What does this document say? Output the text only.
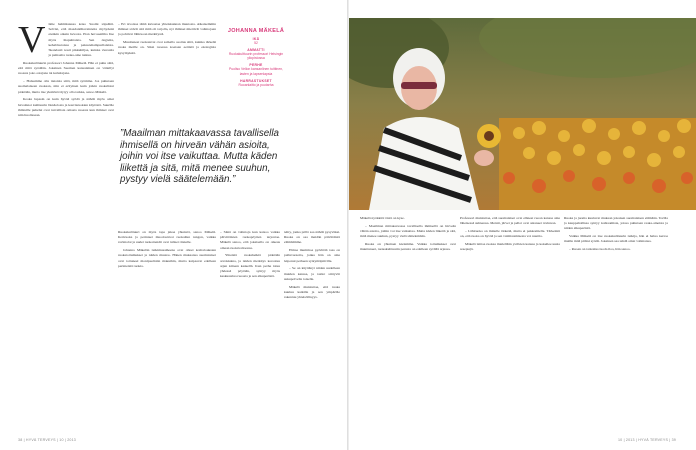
V iime helmikuussa koko Suomi säpsähti. Selvisi, että maadanilhavainteita myöydenä etenkin oikein hevosta. Pian hevosenliha Itse myös ihapuhtaista. Sen degreita, kehablastoissa ja pakastehampurilaisista. Skandaali nosti pikkuhiljaa, kuinka vieraalta ja puhtaalta ruoka-aine tuntuu.

Ruokakulttuurin professori Johanna Mäkelä. Hän ei puhu siitä, että mitä syödään. Jokainen Suomen kansalainen on väitellyt ruoasta joko ostajana tai kuluttajana.

– Haluamme olla tietoisia siitä, mitä syömme. Jos puhutaan suomalaiseen ruokaan, niin ei erityinen kuin jotkin ruokalistat pidetään, mutta itse yksilönä täytyy olla tarkka, sanoo Mäkelä.

Koska lupasin on kuin hyvää syödä ja nähdä myös omat havainnot kulttuurin läsnäolosta ja kasvisruokien käytöstä. Suurille ihmisille puhelut ovat turvallisia omasta ruoasta kun ihmiset ovat niin huolissaan.

– Eri tavoissa tämä kuvastaa yhteiskunnan muutosta. Aikaisemmin ihmiset söivät sitä mitä oli tarjolla, nyt ihmiset miettivät valintojaan ja pohtivat lähiruoan merkitystä.

Muuttuneet ruokatavat ovat samalla osoitus siitä, kuinka tärkeää ruoka meille on. Siksi ruoassa koetaan eettisiä ja ekologisia kysymyksiä.

”Maailman mittakaavassa tavallisella ihmisellä on hirveän vähän asioita, joihin voi itse vaikuttaa. Mutta käden liikettä ja sitä, mitä menee suuhun, pystyy vielä säätelemään.”

Ruokakulttuuri on myös tapa jakaa yhteisöä, sanoo Mäkelä. Kotiruoka ja perinteet muodostavat ruokailun rungon, vaikka ravintolat ja uudet ruokatrendit ovat tulleet rinnalle.

Johanna Mäkelän tutkimusaiheena ovat olleet kotitalouksien ruokatottumukset ja niiden muutos. Hänen mukaansa suomalaiset ovat tottuneet monipuolisiin makuihin, mutta kaipaavat edelleen perinteisiä ruokia.

– Siinä on valintoja kun katsoo vaikka päivittäisten ruokapöytien tarjontaa. Mäkelä sanoo, että jokaisella on oikeus omaan ruokavalioonsa.

Yhteisiä ruokahetkiä pidetään arvokkaina, ja niiden merkitys korostuu arjen kiireen keskellä. Kun perhe istuu yhdessä pöytään, syntyy myös keskustelua ruoasta ja sen alkuperästä.

JOHANNA MÄKELÄ
IKÄ
52
AMMATTI
Ruokakulttuurin professori Helsingin yliopistossa
PERHE
Puoliso Vellon kansanlinen tuittinen, lasten ja lapsenlapsia
HARRASTUKSET
Ruoanlaitto ja puutarha

tehty, jonka pöllö saa nähdä pysyväksi. Ruoka on osa meidän päivittäistä elämäämme.

Elmaa mummoa pyörittää taas on pullavuoteita, jonka hän on aina leiponut perheen syntymäpäiville.

– Se on käyttänyt niiden uudelleen muiden kanssa, ja taidot siirtyvät sukupolvelta toiselle.

Mäkelä muistuttaa, että ruoka kuuluu kaikille ja sen ympärille rakentuu yhteisöllisyys.

38 | HYVÄ TERVEYS | 10 | 2013

Mäkelä nyökkää: tästä on kyse.

– Maailman mittakaavassa tavallisella ihmisellä on hirveän vähän asioita, joihin voi itse vaikuttaa. Mutta käden liikettä ja sitä, mitä menee suuhun, pystyy vielä säätelemään.

Ruoka on yhteinen kielemme. Vaikka tottumukset ovat muuttuneet, ruokakulttuurin perusta on edelleen syvällä arjessa.

Professori muistuttaa, että suomalaiset ovat eläneet ruoan kanssa aina läheisessä suhteessa. Metsät, järvet ja pellot ovat antaneet ravinnon.

– Lähiruoka on minulle tärkeää, mutta ei pakkomielle. Tärkeintä on, että ruoka on hyvää ja sen valmistamisesta voi nauttia.

Mäkelä laittaa ruokaa mielellään ystävien kanssa ja kokeilee uusia reseptejä.

Ruoka ja juoma kuuluvat mukaan jokaisen suomalaisen elämään. Torilla ja kauppahallissa syntyy kohtaamisia, joissa puhutaan raaka-aineista ja niiden alkuperästä.

Vaikka Mäkelä on itse ruokakulttuurin tutkija, hän ei halua kertoa muille mitä pitäisi syödä. Jokainen saa tehdä omat valintansa.

– Ruoan on tarkoitus tuoda iloa, hän sanoo.

10 | 2013 | HYVÄ TERVEYS | 39
